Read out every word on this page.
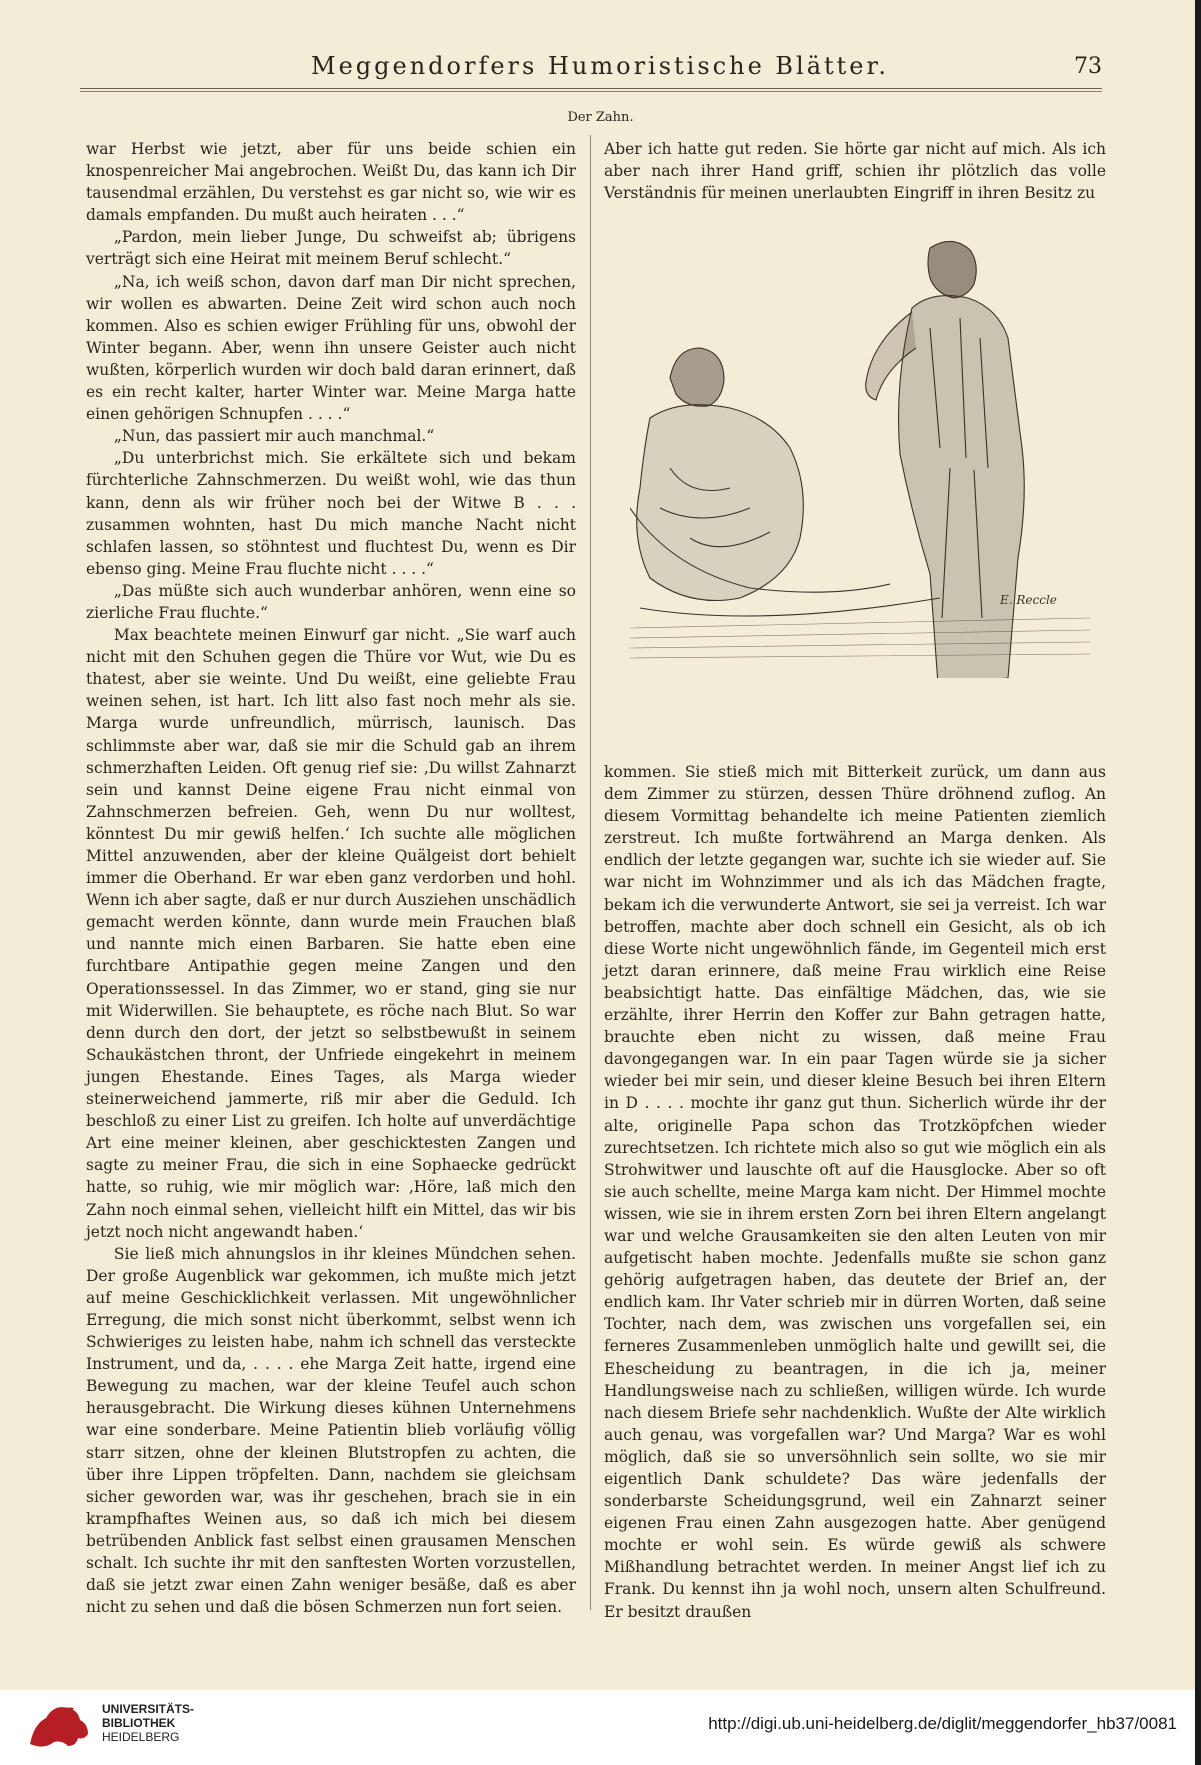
Meggendorfers Humoristische Blätter.	73
Der Zahn.

war Herbst wie jetzt, aber für uns beide schien ein knospenreicher Mai angebrochen. Weißt Du, das kann ich Dir tausendmal erzählen, Du verstehst es gar nicht so, wie wir es damals empfanden. Du mußt auch heiraten . . .“

„Pardon, mein lieber Junge, Du schweifst ab; übrigens verträgt sich eine Heirat mit meinem Beruf schlecht.“

„Na, ich weiß schon, davon darf man Dir nicht sprechen, wir wollen es abwarten. Deine Zeit wird schon auch noch kommen. Also es schien ewiger Frühling für uns, obwohl der Winter begann. Aber, wenn ihn unsere Geister auch nicht wußten, körperlich wurden wir doch bald daran erinnert, daß es ein recht kalter, harter Winter war. Meine Marga hatte einen gehörigen Schnupfen . . . .“

„Nun, das passiert mir auch manchmal.“

„Du unterbrichst mich. Sie erkältete sich und bekam fürchterliche Zahnschmerzen. Du weißt wohl, wie das thun kann, denn als wir früher noch bei der Witwe B . . . zusammen wohnten, hast Du mich manche Nacht nicht schlafen lassen, so stöhntest und fluchtest Du, wenn es Dir ebenso ging. Meine Frau fluchte nicht . . . .“

„Das müßte sich auch wunderbar anhören, wenn eine so zierliche Frau fluchte.“

Max beachtete meinen Einwurf gar nicht. „Sie warf auch nicht mit den Schuhen gegen die Thüre vor Wut, wie Du es thatest, aber sie weinte. Und Du weißt, eine geliebte Frau weinen sehen, ist hart. Ich litt also fast noch mehr als sie. Marga wurde unfreundlich, mürrisch, launisch. Das schlimmste aber war, daß sie mir die Schuld gab an ihrem schmerzhaften Leiden. Oft genug rief sie: ‚Du willst Zahnarzt sein und kannst Deine eigene Frau nicht einmal von Zahnschmerzen befreien. Geh, wenn Du nur wolltest, könntest Du mir gewiß helfen.‘ Ich suchte alle möglichen Mittel anzuwenden, aber der kleine Quälgeist dort behielt immer die Oberhand. Er war eben ganz verdorben und hohl. Wenn ich aber sagte, daß er nur durch Ausziehen unschädlich gemacht werden könnte, dann wurde mein Frauchen blaß und nannte mich einen Barbaren. Sie hatte eben eine furchtbare Antipathie gegen meine Zangen und den Operationssessel. In das Zimmer, wo er stand, ging sie nur mit Widerwillen. Sie behauptete, es röche nach Blut. So war denn durch den dort, der jetzt so selbstbewußt in seinem Schaukästchen thront, der Unfriede eingekehrt in meinem jungen Ehestande. Eines Tages, als Marga wieder steinerweichend jammerte, riß mir aber die Geduld. Ich beschloß zu einer List zu greifen. Ich holte auf unverdächtige Art eine meiner kleinen, aber geschicktesten Zangen und sagte zu meiner Frau, die sich in eine Sophaecke gedrückt hatte, so ruhig, wie mir möglich war: ‚Höre, laß mich den Zahn noch einmal sehen, vielleicht hilft ein Mittel, das wir bis jetzt noch nicht angewandt haben.‘

Sie ließ mich ahnungslos in ihr kleines Mündchen sehen. Der große Augenblick war gekommen, ich mußte mich jetzt auf meine Geschicklichkeit verlassen. Mit ungewöhnlicher Erregung, die mich sonst nicht überkommt, selbst wenn ich Schwieriges zu leisten habe, nahm ich schnell das versteckte Instrument, und da, . . . . ehe Marga Zeit hatte, irgend eine Bewegung zu machen, war der kleine Teufel auch schon herausgebracht. Die Wirkung dieses kühnen Unternehmens war eine sonderbare. Meine Patientin blieb vorläufig völlig starr sitzen, ohne der kleinen Blutstropfen zu achten, die über ihre Lippen tröpfelten. Dann, nachdem sie gleichsam sicher geworden war, was ihr geschehen, brach sie in ein krampfhaftes Weinen aus, so daß ich mich bei diesem betrübenden Anblick fast selbst einen grausamen Menschen schalt. Ich suchte ihr mit den sanftesten Worten vorzustellen, daß sie jetzt zwar einen Zahn weniger besäße, daß es aber nicht zu sehen und daß die bösen Schmerzen nun fort seien.

Aber ich hatte gut reden. Sie hörte gar nicht auf mich. Als ich aber nach ihrer Hand griff, schien ihr plötzlich das volle Verständnis für meinen unerlaubten Eingriff in ihren Besitz zu

E. Reccle

kommen. Sie stieß mich mit Bitterkeit zurück, um dann aus dem Zimmer zu stürzen, dessen Thüre dröhnend zuflog. An diesem Vormittag behandelte ich meine Patienten ziemlich zerstreut. Ich mußte fortwährend an Marga denken. Als endlich der letzte gegangen war, suchte ich sie wieder auf. Sie war nicht im Wohnzimmer und als ich das Mädchen fragte, bekam ich die verwunderte Antwort, sie sei ja verreist. Ich war betroffen, machte aber doch schnell ein Gesicht, als ob ich diese Worte nicht ungewöhnlich fände, im Gegenteil mich erst jetzt daran erinnere, daß meine Frau wirklich eine Reise beabsichtigt hatte. Das einfältige Mädchen, das, wie sie erzählte, ihrer Herrin den Koffer zur Bahn getragen hatte, brauchte eben nicht zu wissen, daß meine Frau davongegangen war. In ein paar Tagen würde sie ja sicher wieder bei mir sein, und dieser kleine Besuch bei ihren Eltern in D . . . . mochte ihr ganz gut thun. Sicherlich würde ihr der alte, originelle Papa schon das Trotzköpfchen wieder zurechtsetzen. Ich richtete mich also so gut wie möglich ein als Strohwitwer und lauschte oft auf die Hausglocke. Aber so oft sie auch schellte, meine Marga kam nicht. Der Himmel mochte wissen, wie sie in ihrem ersten Zorn bei ihren Eltern angelangt war und welche Grausamkeiten sie den alten Leuten von mir aufgetischt haben mochte. Jedenfalls mußte sie schon ganz gehörig aufgetragen haben, das deutete der Brief an, der endlich kam. Ihr Vater schrieb mir in dürren Worten, daß seine Tochter, nach dem, was zwischen uns vorgefallen sei, ein ferneres Zusammenleben unmöglich halte und gewillt sei, die Ehescheidung zu beantragen, in die ich ja, meiner Handlungsweise nach zu schließen, willigen würde. Ich wurde nach diesem Briefe sehr nachdenklich. Wußte der Alte wirklich auch genau, was vorgefallen war? Und Marga? War es wohl möglich, daß sie so unversöhnlich sein sollte, wo sie mir eigentlich Dank schuldete? Das wäre jedenfalls der sonderbarste Scheidungsgrund, weil ein Zahnarzt seiner eigenen Frau einen Zahn ausgezogen hatte. Aber genügend mochte er wohl sein. Es würde gewiß als schwere Mißhandlung betrachtet werden. In meiner Angst lief ich zu Frank. Du kennst ihn ja wohl noch, unsern alten Schulfreund. Er besitzt draußen

UNIVERSITÄTS-
BIBLIOTHEK
HEIDELBERG
http://digi.ub.uni-heidelberg.de/diglit/meggendorfer_hb37/0081
